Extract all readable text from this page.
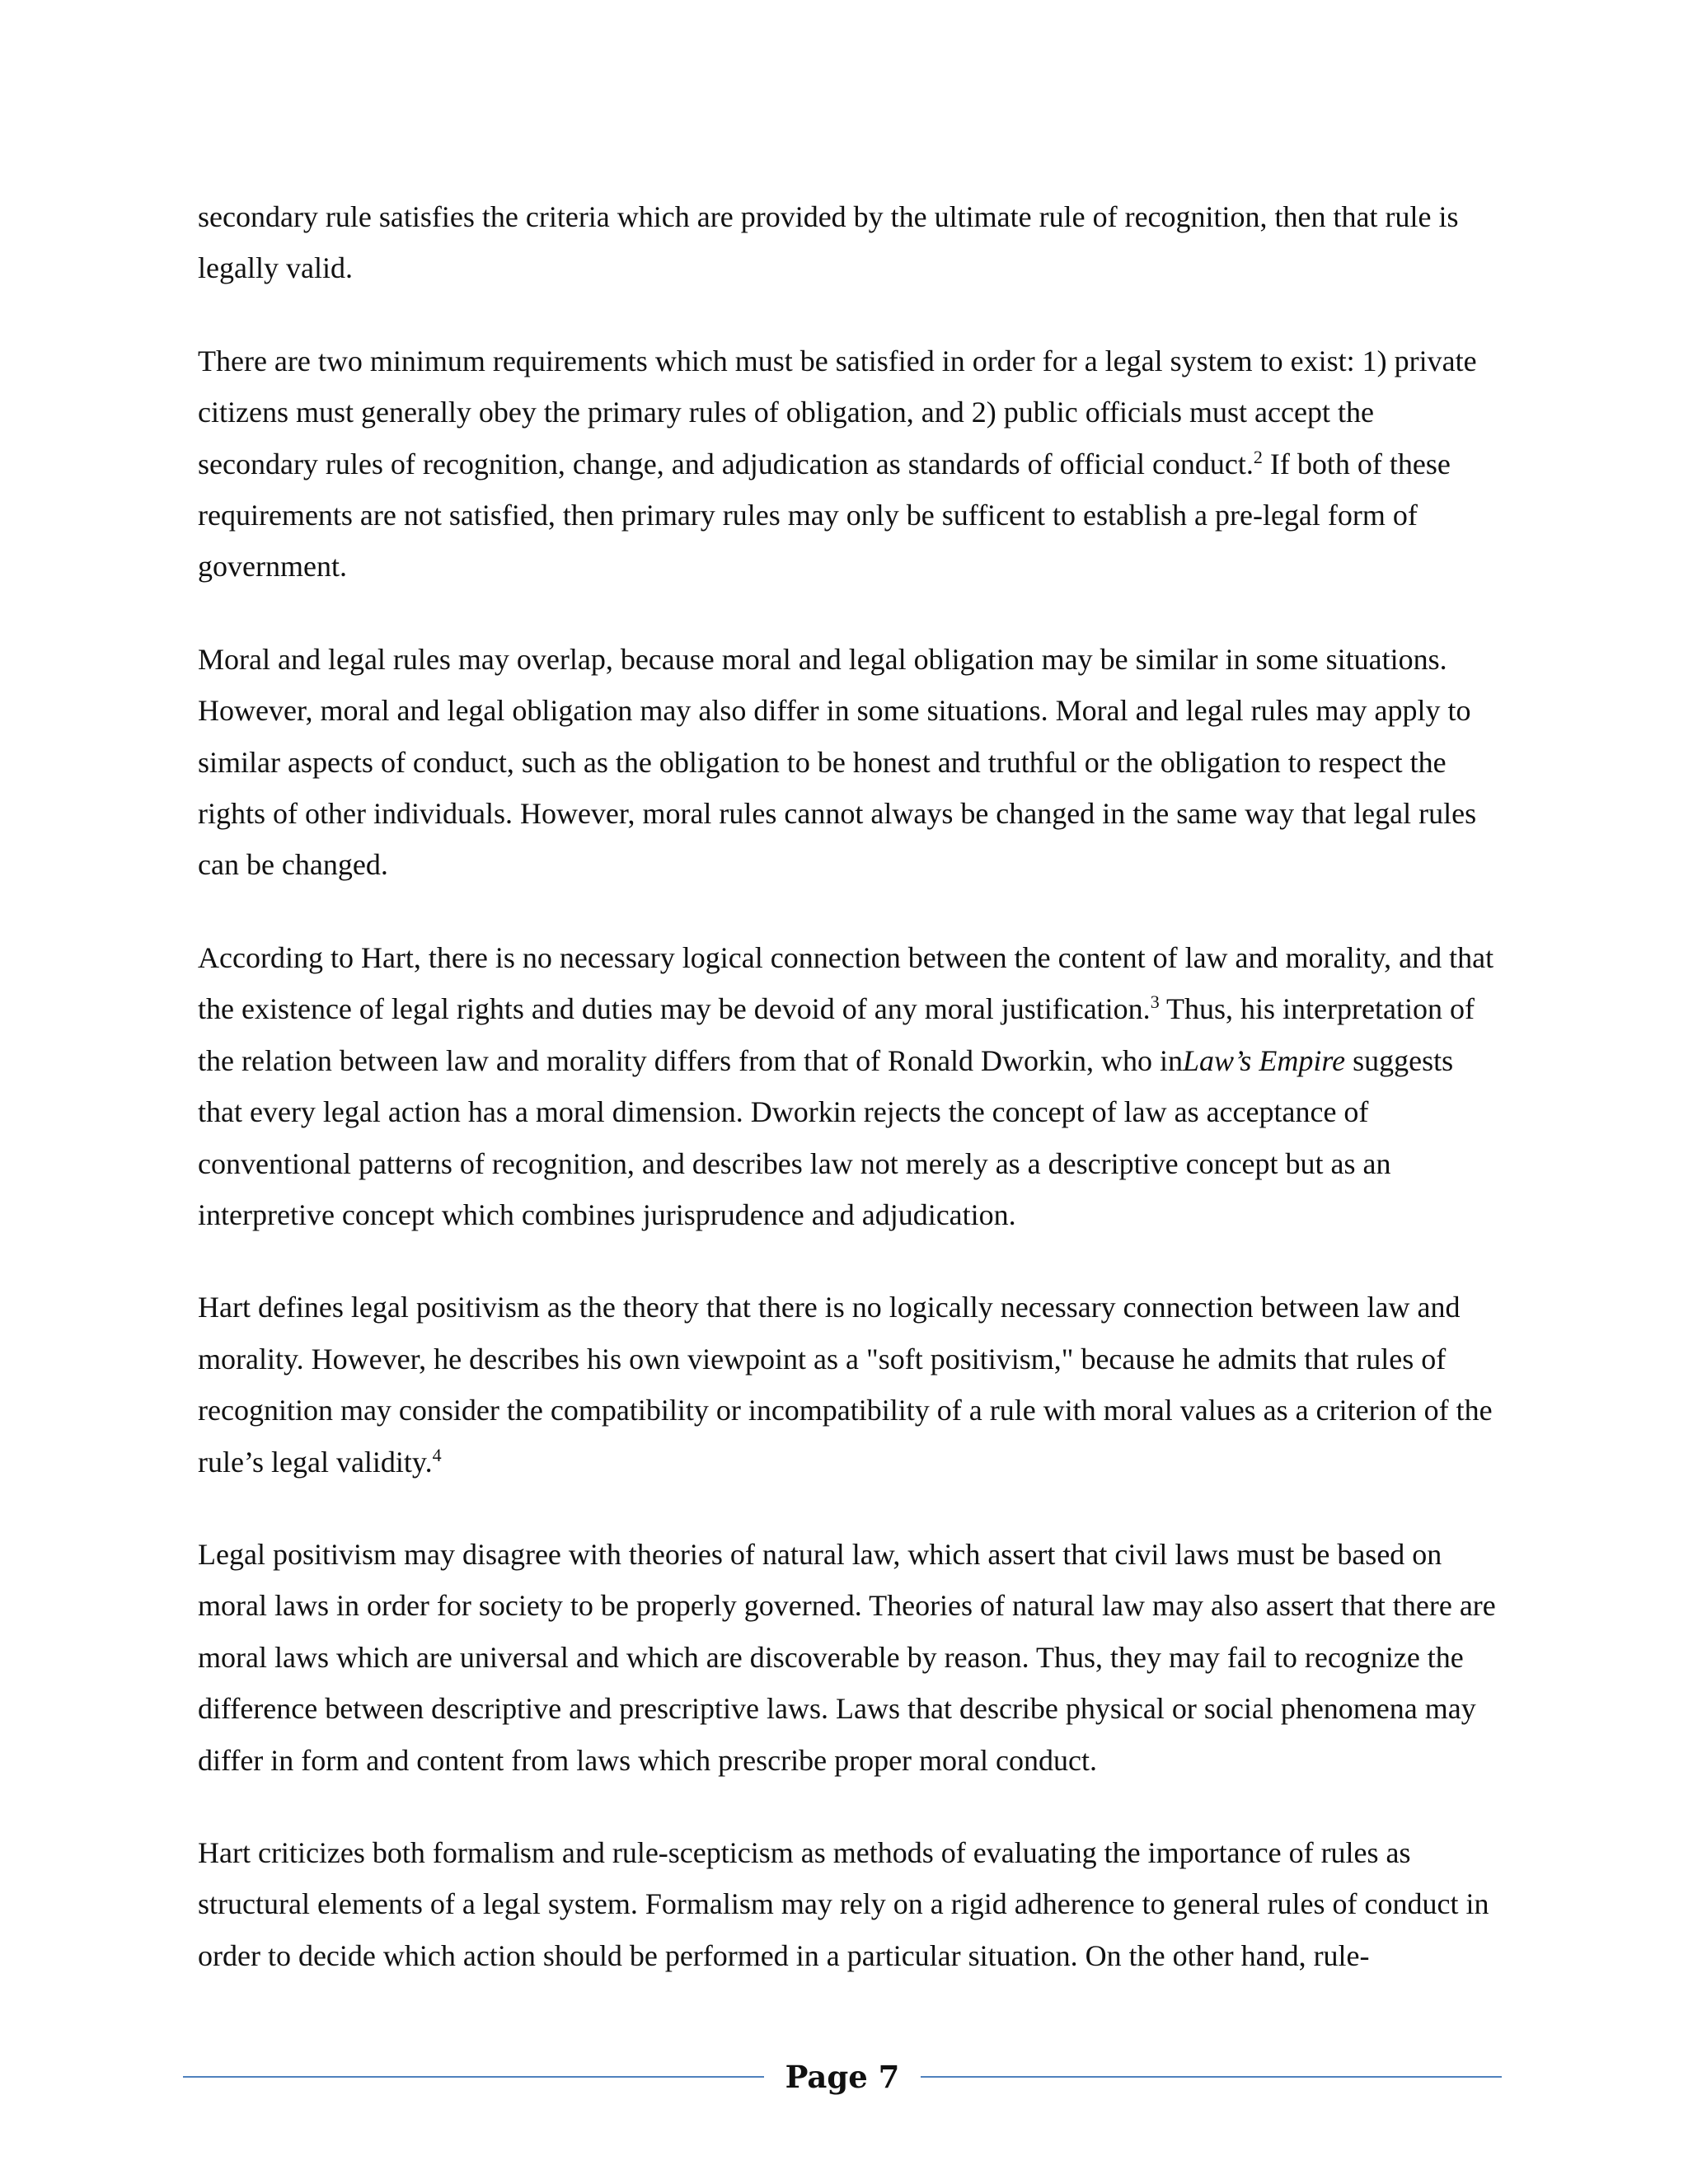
secondary rule satisfies the criteria which are provided by the ultimate rule of recognition, then that rule is legally valid.

There are two minimum requirements which must be satisfied in order for a legal system to exist: 1) private citizens must generally obey the primary rules of obligation, and 2) public officials must accept the secondary rules of recognition, change, and adjudication as standards of official conduct.$^2$ If both of these requirements are not satisfied, then primary rules may only be sufficent to establish a pre-legal form of government.

Moral and legal rules may overlap, because moral and legal obligation may be similar in some situations. However, moral and legal obligation may also differ in some situations. Moral and legal rules may apply to similar aspects of conduct, such as the obligation to be honest and truthful or the obligation to respect the rights of other individuals. However, moral rules cannot always be changed in the same way that legal rules can be changed.

According to Hart, there is no necessary logical connection between the content of law and morality, and that the existence of legal rights and duties may be devoid of any moral justification.$^3$ Thus, his interpretation of the relation between law and morality differs from that of Ronald Dworkin, who inLaw’s Empire suggests that every legal action has a moral dimension. Dworkin rejects the concept of law as acceptance of conventional patterns of recognition, and describes law not merely as a descriptive concept but as an interpretive concept which combines jurisprudence and adjudication.

Hart defines legal positivism as the theory that there is no logically necessary connection between law and morality. However, he describes his own viewpoint as a "soft positivism," because he admits that rules of recognition may consider the compatibility or incompatibility of a rule with moral values as a criterion of the rule’s legal validity.$^4$

Legal positivism may disagree with theories of natural law, which assert that civil laws must be based on moral laws in order for society to be properly governed. Theories of natural law may also assert that there are moral laws which are universal and which are discoverable by reason. Thus, they may fail to recognize the difference between descriptive and prescriptive laws. Laws that describe physical or social phenomena may differ in form and content from laws which prescribe proper moral conduct.

Hart criticizes both formalism and rule-scepticism as methods of evaluating the importance of rules as structural elements of a legal system. Formalism may rely on a rigid adherence to general rules of conduct in order to decide which action should be performed in a particular situation. On the other hand, rule-

Page 7
